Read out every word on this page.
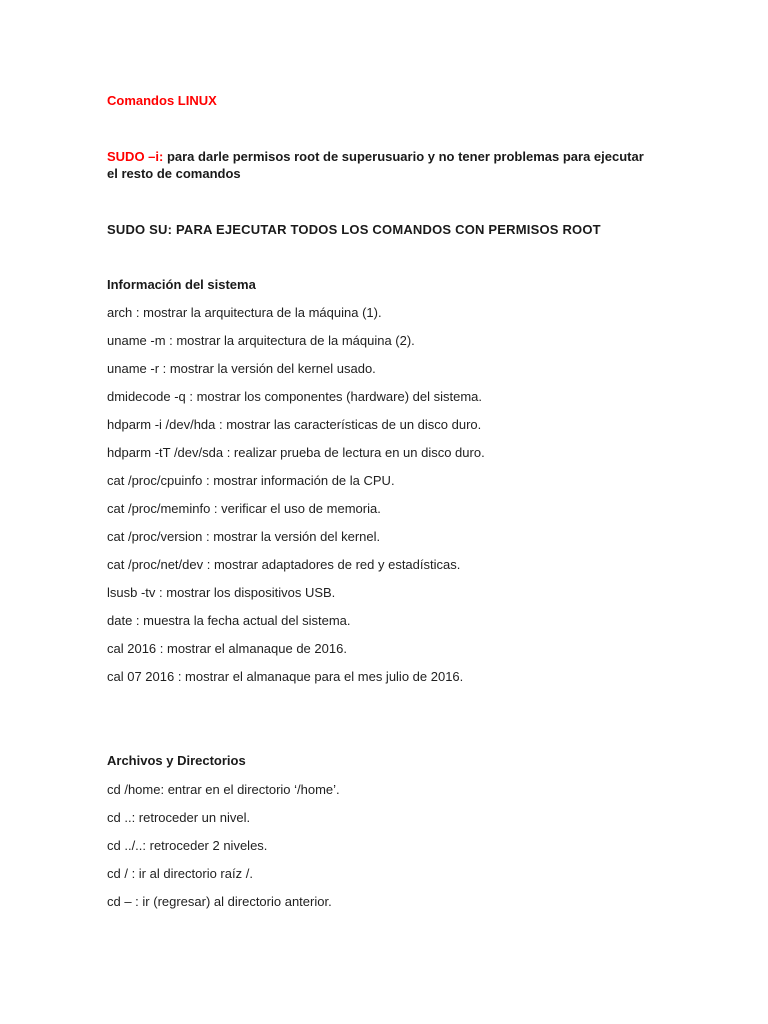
Comandos LINUX

SUDO –i: para darle permisos root de superusuario y no tener problemas para ejecutar el resto de comandos

SUDO SU: PARA EJECUTAR TODOS LOS COMANDOS CON PERMISOS ROOT

Información del sistema

arch : mostrar la arquitectura de la máquina (1).

uname -m : mostrar la arquitectura de la máquina (2).

uname -r : mostrar la versión del kernel usado.

dmidecode -q : mostrar los componentes (hardware) del sistema.

hdparm -i /dev/hda : mostrar las características de un disco duro.

hdparm -tT /dev/sda : realizar prueba de lectura en un disco duro.

cat /proc/cpuinfo : mostrar información de la CPU.

cat /proc/meminfo : verificar el uso de memoria.

cat /proc/version : mostrar la versión del kernel.

cat /proc/net/dev : mostrar adaptadores de red y estadísticas.

lsusb -tv : mostrar los dispositivos USB.

date : muestra la fecha actual del sistema.

cal 2016 : mostrar el almanaque de 2016.

cal 07 2016 : mostrar el almanaque para el mes julio de 2016.

Archivos y Directorios

cd /home: entrar en el directorio ‘/home’.

cd ..: retroceder un nivel.

cd ../..: retroceder 2 niveles.

cd / : ir al directorio raíz /.

cd – : ir (regresar) al directorio anterior.
